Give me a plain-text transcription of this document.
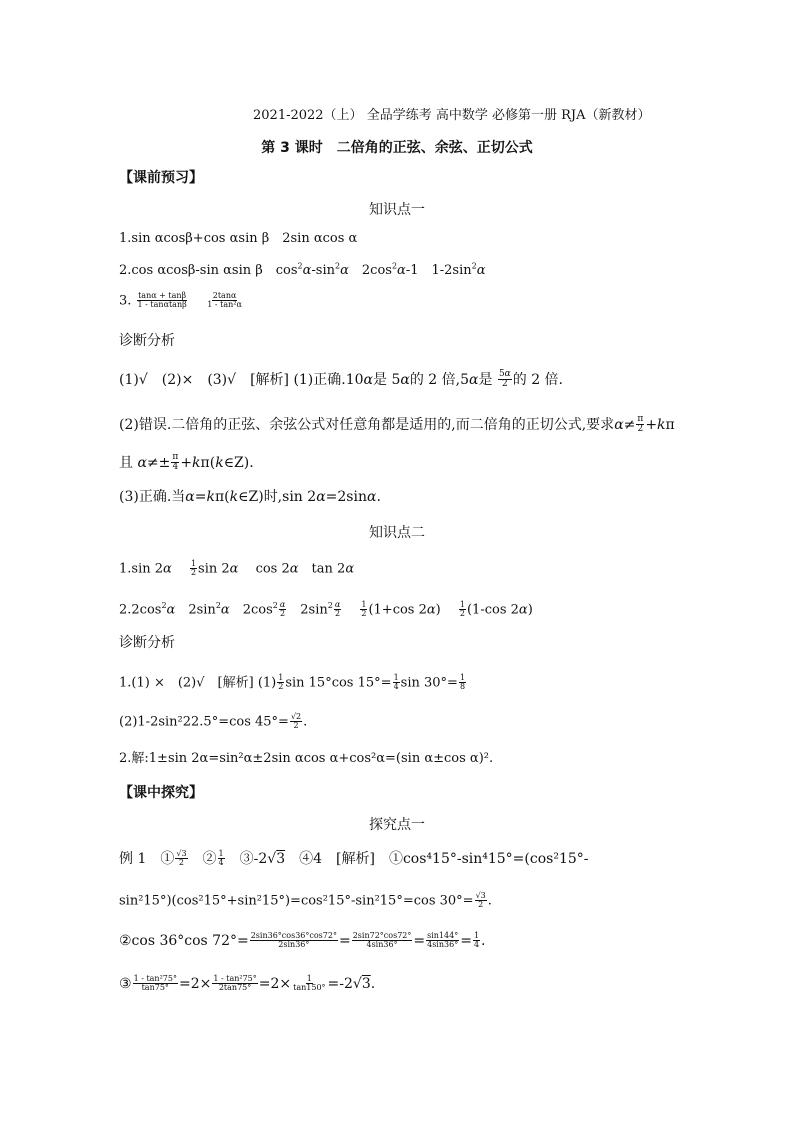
2021-2022（上） 全品学练考 高中数学 必修第一册 RJA（新教材）
第 3 课时　二倍角的正弦、余弦、正切公式
【课前预习】
知识点一
1.sin αcosβ+cos αsin β　2sin αcos α
2.cos αcosβ-sin αsin β　$\cos^2\alpha-\sin^2\alpha$　$2\cos^2\alpha-1$　$1-2\sin^2\alpha$
3. $\frac{\tan\alpha + \tan\beta}{1 - \tan\alpha\tan\beta}$
$\frac{2\tan\alpha}{\text{1 - tan²α}}$
诊断分析
(1)√　(2)×　(3)√　[解析] (1)正确.10α是 5α的 2 倍,5α是 $\frac{5\alpha}{2}$ 的 2 倍.
(2)错误.二倍角的正弦、余弦公式对任意角都是适用的,而二倍角的正切公式,要求$\alpha\ne \frac{\pi}{2} +k\pi$
且 $\alpha\ne\pm \frac{\pi}{4}$ +kπ(k∈Z).
(3)正确.当α=kπ(k∈Z)时,sin 2α=2sinα.
知识点二
1.sin 2α　 $\frac{1}{2}$ sin 2α　 cos 2α　 tan 2α
$2.2\cos^2\alpha$　$2\sin^2\alpha$　$2\cos^2 \frac{\alpha}{2}$ 　$2\sin^2 \frac{\alpha}{2}$
　 $\frac{1}{2} (1+\cos$ 2α)　 $\frac{1}{2} (1-\cos$ 2α)
诊断分析
1.(1) ×　(2)√　[解析] $(1) \frac{1}{2}$ sin 15°cos $15^\circ= \frac{1}{4}$ $\sin 30^\circ= \frac{1}{8}$
(2)1-2sin²22.5°=cos $45^\circ= \frac{√2}{2}$ .
2.解:1±sin 2α=sin²α±2sin αcos α+cos²α=(sin α±cos α)².
【课中探究】
探究点一
例 1　① $\frac{√3}{2}$ 　② $\frac{1}{4}$ 　③-2√3　④4　[解析]　①cos⁴15°-sin⁴15°=(cos²15°-
sin²15°)(cos²15°+sin²15°)=cos²15°-sin²15°=cos $30^\circ= \frac{√3}{2}$ .
②cos 36°cos $72^\circ= \frac{2\sin 36^\circ\cos 36^\circ\cos 72^\circ}{2\sin 36^\circ} = \frac{2\sin 72^\circ\cos 72^\circ}{4\sin 36^\circ} = \frac{\sin 144^\circ}{4\sin 36^\circ} = \frac{1}{4}$ .
③ $\frac{\text{1 - tan²75°}}{\tan 75^\circ} =2\times \frac{\text{1 - tan²75°}}{2\tan 75^\circ} =2\times \frac{1}{\tan 150^\circ} =-2√3$.
